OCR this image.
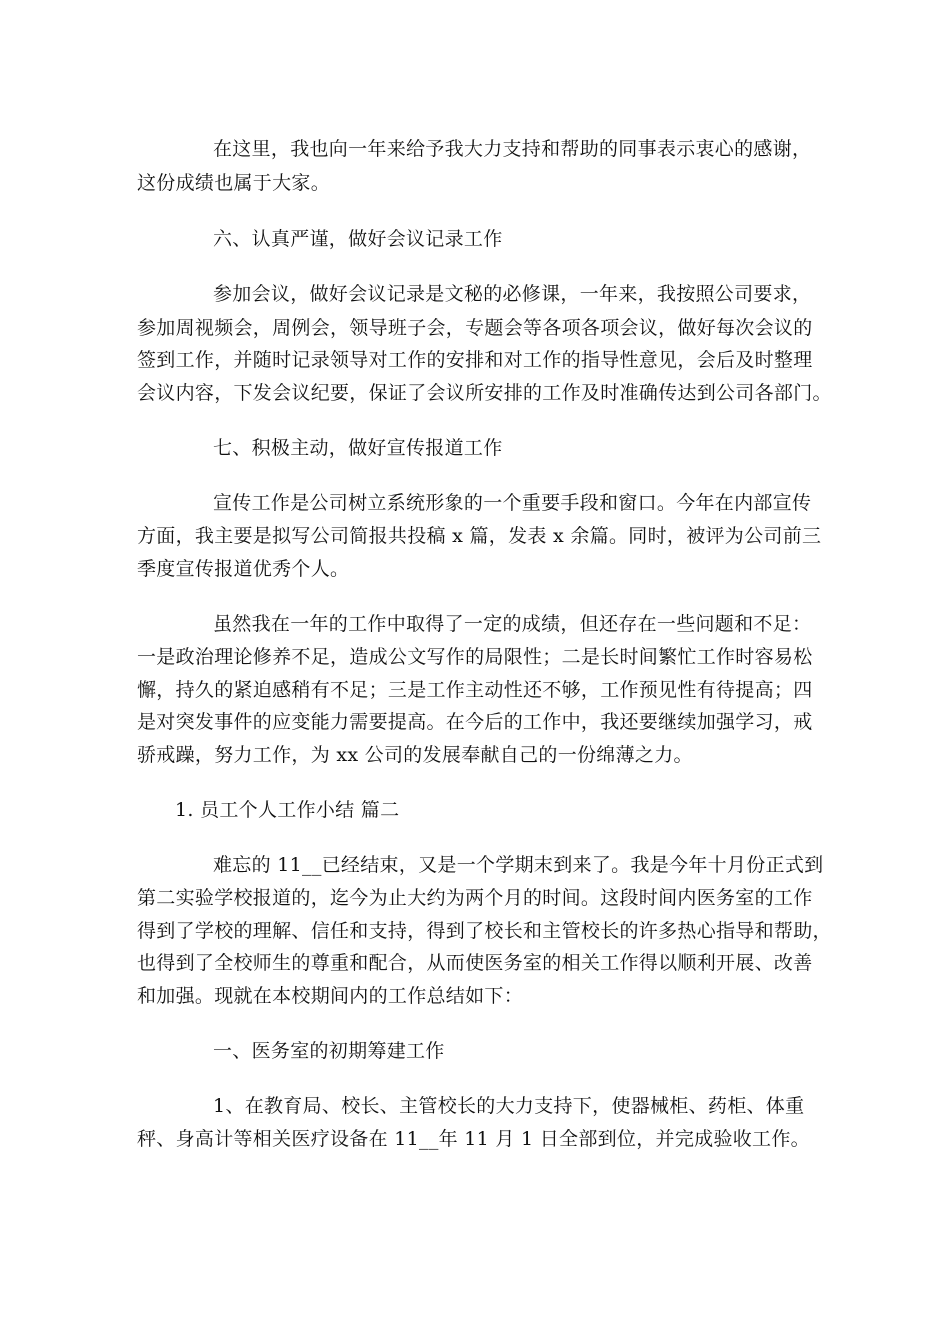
在这里，我也向一年来给予我大力支持和帮助的同事表示衷心的感谢，
这份成绩也属于大家。
六、认真严谨，做好会议记录工作
参加会议，做好会议记录是文秘的必修课，一年来，我按照公司要求，
参加周视频会，周例会，领导班子会，专题会等各项各项会议，做好每次会议的
签到工作，并随时记录领导对工作的安排和对工作的指导性意见，会后及时整理
会议内容，下发会议纪要，保证了会议所安排的工作及时准确传达到公司各部门。
七、积极主动，做好宣传报道工作
宣传工作是公司树立系统形象的一个重要手段和窗口。今年在内部宣传
方面，我主要是拟写公司简报共投稿 x 篇，发表 x 余篇。同时，被评为公司前三
季度宣传报道优秀个人。
虽然我在一年的工作中取得了一定的成绩，但还存在一些问题和不足：
一是政治理论修养不足，造成公文写作的局限性；二是长时间繁忙工作时容易松
懈，持久的紧迫感稍有不足；三是工作主动性还不够，工作预见性有待提高；四
是对突发事件的应变能力需要提高。在今后的工作中，我还要继续加强学习，戒
骄戒躁，努力工作，为 xx 公司的发展奉献自己的一份绵薄之力。
1. 员工个人工作小结 篇二
难忘的 11__已经结束，又是一个学期末到来了。我是今年十月份正式到
第二实验学校报道的，迄今为止大约为两个月的时间。这段时间内医务室的工作
得到了学校的理解、信任和支持，得到了校长和主管校长的许多热心指导和帮助，
也得到了全校师生的尊重和配合，从而使医务室的相关工作得以顺利开展、改善
和加强。现就在本校期间内的工作总结如下：
一、医务室的初期筹建工作
1、在教育局、校长、主管校长的大力支持下，使器械柜、药柜、体重
秤、身高计等相关医疗设备在 11__年 11 月 1 日全部到位，并完成验收工作。
